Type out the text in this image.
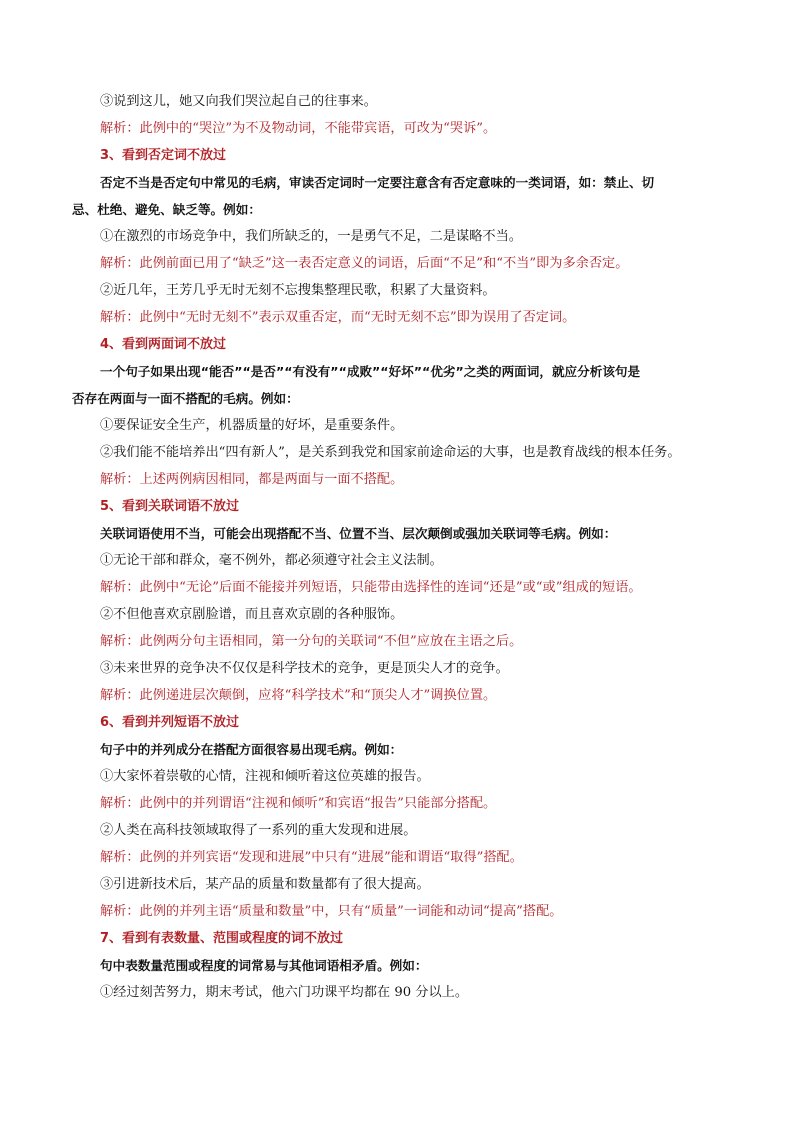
③说到这儿，她又向我们哭泣起自己的往事来。
解析：此例中的“哭泣”为不及物动词，不能带宾语，可改为“哭诉”。
3、看到否定词不放过
否定不当是否定句中常见的毛病，审读否定词时一定要注意含有否定意味的一类词语，如：禁止、切
忌、杜绝、避免、缺乏等。例如：
①在激烈的市场竞争中，我们所缺乏的，一是勇气不足，二是谋略不当。
解析：此例前面已用了“缺乏”这一表否定意义的词语，后面“不足”和“不当”即为多余否定。
②近几年，王芳几乎无时无刻不忘搜集整理民歌，积累了大量资料。
解析：此例中“无时无刻不”表示双重否定，而“无时无刻不忘”即为误用了否定词。
4、看到两面词不放过
一个句子如果出现“能否”“是否”“有没有”“成败”“好坏”“优劣”之类的两面词，就应分析该句是
否存在两面与一面不搭配的毛病。例如：
①要保证安全生产，机器质量的好坏，是重要条件。
②我们能不能培养出“四有新人”，是关系到我党和国家前途命运的大事，也是教育战线的根本任务。
解析：上述两例病因相同，都是两面与一面不搭配。
5、看到关联词语不放过
关联词语使用不当，可能会出现搭配不当、位置不当、层次颠倒或强加关联词等毛病。例如：
①无论干部和群众，毫不例外，都必须遵守社会主义法制。
解析：此例中“无论”后面不能接并列短语，只能带由选择性的连词“还是”或“或”组成的短语。
②不但他喜欢京剧脸谱，而且喜欢京剧的各种服饰。
解析：此例两分句主语相同，第一分句的关联词“不但”应放在主语之后。
③未来世界的竞争决不仅仅是科学技术的竞争，更是顶尖人才的竞争。
解析：此例递进层次颠倒，应将“科学技术”和“顶尖人才”调换位置。
6、看到并列短语不放过
句子中的并列成分在搭配方面很容易出现毛病。例如：
①大家怀着崇敬的心情，注视和倾听着这位英雄的报告。
解析：此例中的并列谓语“注视和倾听”和宾语“报告”只能部分搭配。
②人类在高科技领域取得了一系列的重大发现和进展。
解析：此例的并列宾语“发现和进展”中只有“进展”能和谓语“取得”搭配。
③引进新技术后，某产品的质量和数量都有了很大提高。
解析：此例的并列主语“质量和数量”中，只有“质量”一词能和动词“提高”搭配。
7、看到有表数量、范围或程度的词不放过
句中表数量范围或程度的词常易与其他词语相矛盾。例如：
①经过刻苦努力，期末考试，他六门功课平均都在 90 分以上。
